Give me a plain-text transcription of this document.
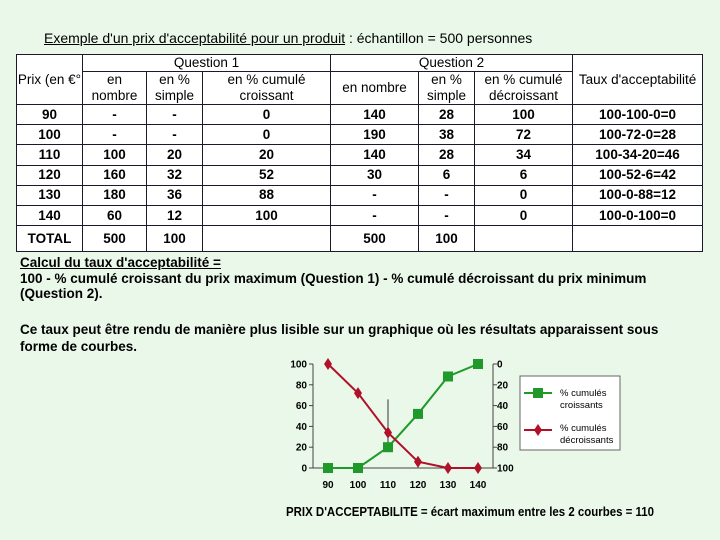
Exemple d'un prix d'acceptabilité pour un produit : échantillon = 500 personnes
Prix (en €°	Question 1			Question 2			Taux d'acceptabilité
	en nombre	en % simple	en % cumulé croissant	en nombre	en % simple	en % cumulé décroissant	
90	-	-	0	140	28	100	100-100-0=0
100	-	-	0	190	38	72	100-72-0=28
110	100	20	20	140	28	34	100-34-20=46
120	160	32	52	30	6	6	100-52-6=42
130	180	36	88	-	-	0	100-0-88=12
140	60	12	100	-	-	0	100-0-100=0
TOTAL	500	100		500	100		
Calcul du taux d'acceptabilité =
100 - % cumulé croissant du prix maximum (Question 1) - % cumulé décroissant du prix minimum
(Question 2).
Ce taux peut être rendu de manière plus lisible sur un graphique où les résultats apparaissent sous
forme de courbes.
0
20
40
60
80
100
100
80
60
40
20
0
90 100 110 120 130 140
% cumulés croissants
% cumulés décroissants
PRIX D'ACCEPTABILITE = écart maximum entre les 2 courbes = 110
